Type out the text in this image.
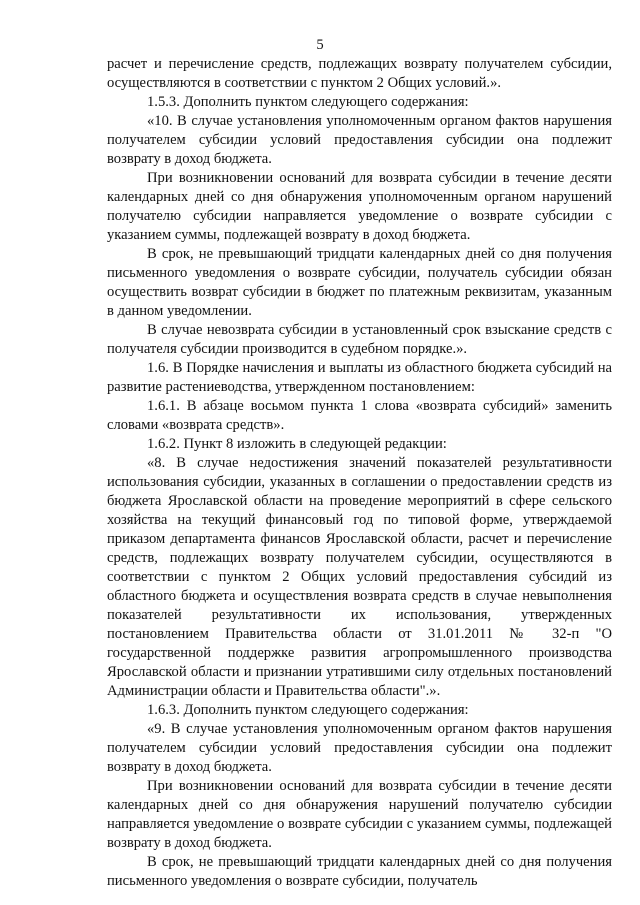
5

расчет и перечисление средств, подлежащих возврату получателем субсидии, осуществляются в соответствии с пунктом 2 Общих условий.».

1.5.3. Дополнить пунктом следующего содержания:

«10. В случае установления уполномоченным органом фактов нарушения получателем субсидии условий предоставления субсидии она подлежит возврату в доход бюджета.

При возникновении оснований для возврата субсидии в течение десяти календарных дней со дня обнаружения уполномоченным органом нарушений получателю субсидии направляется уведомление о возврате субсидии с указанием суммы, подлежащей возврату в доход бюджета.

В срок, не превышающий тридцати календарных дней со дня получения письменного уведомления о возврате субсидии, получатель субсидии обязан осуществить возврат субсидии в бюджет по платежным реквизитам, указанным в данном уведомлении.

В случае невозврата субсидии в установленный срок взыскание средств с получателя субсидии производится в судебном порядке.».

1.6. В Порядке начисления и выплаты из областного бюджета субсидий на развитие растениеводства, утвержденном постановлением:

1.6.1. В абзаце восьмом пункта 1 слова «возврата субсидий» заменить словами «возврата средств».

1.6.2. Пункт 8 изложить в следующей редакции:

«8. В случае недостижения значений показателей результативности использования субсидии, указанных в соглашении о предоставлении средств из бюджета Ярославской области на проведение мероприятий в сфере сельского хозяйства на текущий финансовый год по типовой форме, утверждаемой приказом департамента финансов Ярославской области, расчет и перечисление средств, подлежащих возврату получателем субсидии, осуществляются в соответствии с пунктом 2 Общих условий предоставления субсидий из областного бюджета и осуществления возврата средств в случае невыполнения показателей результативности их использования, утвержденных постановлением Правительства области от 31.01.2011 № 32-п "О государственной поддержке развития агропромышленного производства Ярославской области и признании утратившими силу отдельных постановлений Администрации области и Правительства области".».

1.6.3. Дополнить пунктом следующего содержания:

«9. В случае установления уполномоченным органом фактов нарушения получателем субсидии условий предоставления субсидии она подлежит возврату в доход бюджета.

При возникновении оснований для возврата субсидии в течение десяти календарных дней со дня обнаружения нарушений получателю субсидии направляется уведомление о возврате субсидии с указанием суммы, подлежащей возврату в доход бюджета.

В срок, не превышающий тридцати календарных дней со дня получения письменного уведомления о возврате субсидии, получатель
